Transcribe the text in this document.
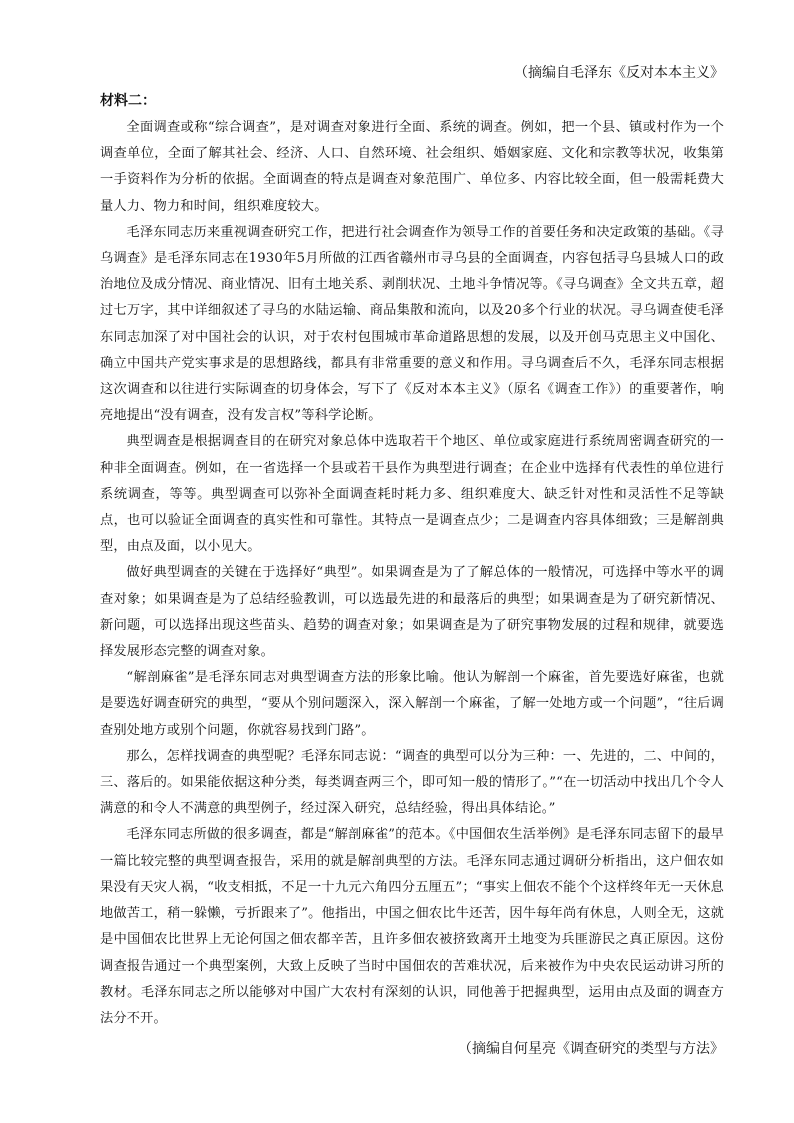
（摘编自毛泽东《反对本本主义》

材料二：

全面调查或称“综合调查”，是对调查对象进行全面、系统的调查。例如，把一个县、镇或村作为一个调查单位，全面了解其社会、经济、人口、自然环境、社会组织、婚姻家庭、文化和宗教等状况，收集第一手资料作为分析的依据。全面调查的特点是调查对象范围广、单位多、内容比较全面，但一般需耗费大量人力、物力和时间，组织难度较大。

毛泽东同志历来重视调查研究工作，把进行社会调查作为领导工作的首要任务和决定政策的基础。《寻乌调查》是毛泽东同志在1930年5月所做的江西省赣州市寻乌县的全面调查，内容包括寻乌县城人口的政治地位及成分情况、商业情况、旧有土地关系、剥削状况、土地斗争情况等。《寻乌调查》全文共五章，超过七万字，其中详细叙述了寻乌的水陆运输、商品集散和流向，以及20多个行业的状况。寻乌调查使毛泽东同志加深了对中国社会的认识，对于农村包围城市革命道路思想的发展，以及开创马克思主义中国化、确立中国共产党实事求是的思想路线，都具有非常重要的意义和作用。寻乌调查后不久，毛泽东同志根据这次调查和以往进行实际调查的切身体会，写下了《反对本本主义》（原名《调查工作》）的重要著作，响亮地提出“没有调查，没有发言权”等科学论断。

典型调查是根据调查目的在研究对象总体中选取若干个地区、单位或家庭进行系统周密调查研究的一种非全面调查。例如，在一省选择一个县或若干县作为典型进行调查；在企业中选择有代表性的单位进行系统调查，等等。典型调查可以弥补全面调查耗时耗力多、组织难度大、缺乏针对性和灵活性不足等缺点，也可以验证全面调查的真实性和可靠性。其特点一是调查点少；二是调查内容具体细致；三是解剖典型，由点及面，以小见大。

做好典型调查的关键在于选择好“典型”。如果调查是为了了解总体的一般情况，可选择中等水平的调查对象；如果调查是为了总结经验教训，可以选最先进的和最落后的典型；如果调查是为了研究新情况、新问题，可以选择出现这些苗头、趋势的调查对象；如果调查是为了研究事物发展的过程和规律，就要选择发展形态完整的调查对象。

“解剖麻雀”是毛泽东同志对典型调查方法的形象比喻。他认为解剖一个麻雀，首先要选好麻雀，也就是要选好调查研究的典型，“要从个别问题深入，深入解剖一个麻雀，了解一处地方或一个问题”，“往后调查别处地方或别个问题，你就容易找到门路”。

那么，怎样找调查的典型呢？毛泽东同志说：“调查的典型可以分为三种：一、先进的，二、中间的，三、落后的。如果能依据这种分类，每类调查两三个，即可知一般的情形了。”“在一切活动中找出几个令人满意的和令人不满意的典型例子，经过深入研究，总结经验，得出具体结论。”

毛泽东同志所做的很多调查，都是“解剖麻雀”的范本。《中国佃农生活举例》是毛泽东同志留下的最早一篇比较完整的典型调查报告，采用的就是解剖典型的方法。毛泽东同志通过调研分析指出，这户佃农如果没有天灾人祸，“收支相抵，不足一十九元六角四分五厘五”；“事实上佃农不能个个这样终年无一天休息地做苦工，稍一躲懒，亏折跟来了”。他指出，中国之佃农比牛还苦，因牛每年尚有休息，人则全无，这就是中国佃农比世界上无论何国之佃农都辛苦，且许多佃农被挤致离开土地变为兵匪游民之真正原因。这份调查报告通过一个典型案例，大致上反映了当时中国佃农的苦难状况，后来被作为中央农民运动讲习所的教材。毛泽东同志之所以能够对中国广大农村有深刻的认识，同他善于把握典型，运用由点及面的调查方法分不开。

（摘编自何星亮《调查研究的类型与方法》
